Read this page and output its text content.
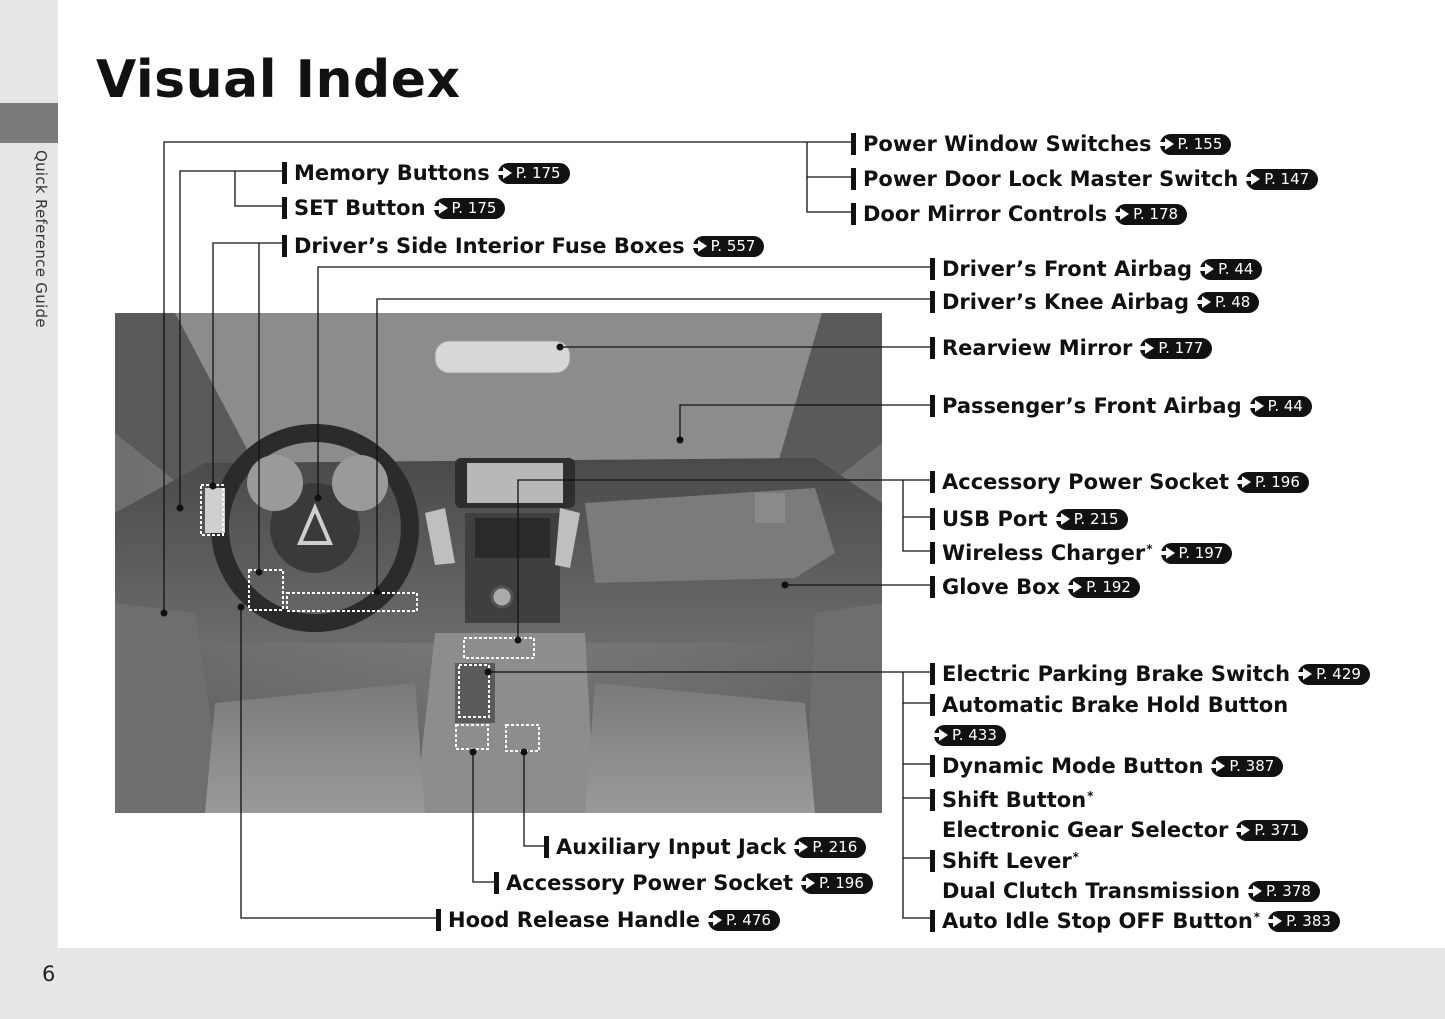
Quick Reference Guide
6
Visual Index
Power Window Switches P. 155
Power Door Lock Master Switch P. 147
Door Mirror Controls P. 178
Memory Buttons P. 175
SET Button P. 175
Driver’s Side Interior Fuse Boxes P. 557
Driver’s Front Airbag P. 44
Driver’s Knee Airbag P. 48
Rearview Mirror P. 177
Passenger’s Front Airbag P. 44
Accessory Power Socket P. 196
USB Port P. 215
Wireless Charger* P. 197
Glove Box P. 192
Electric Parking Brake Switch P. 429
Automatic Brake Hold Button
P. 433
Dynamic Mode Button P. 387
Shift Button*
Electronic Gear Selector P. 371
Shift Lever*
Dual Clutch Transmission P. 378
Auto Idle Stop OFF Button* P. 383
Auxiliary Input Jack P. 216
Accessory Power Socket P. 196
Hood Release Handle P. 476
